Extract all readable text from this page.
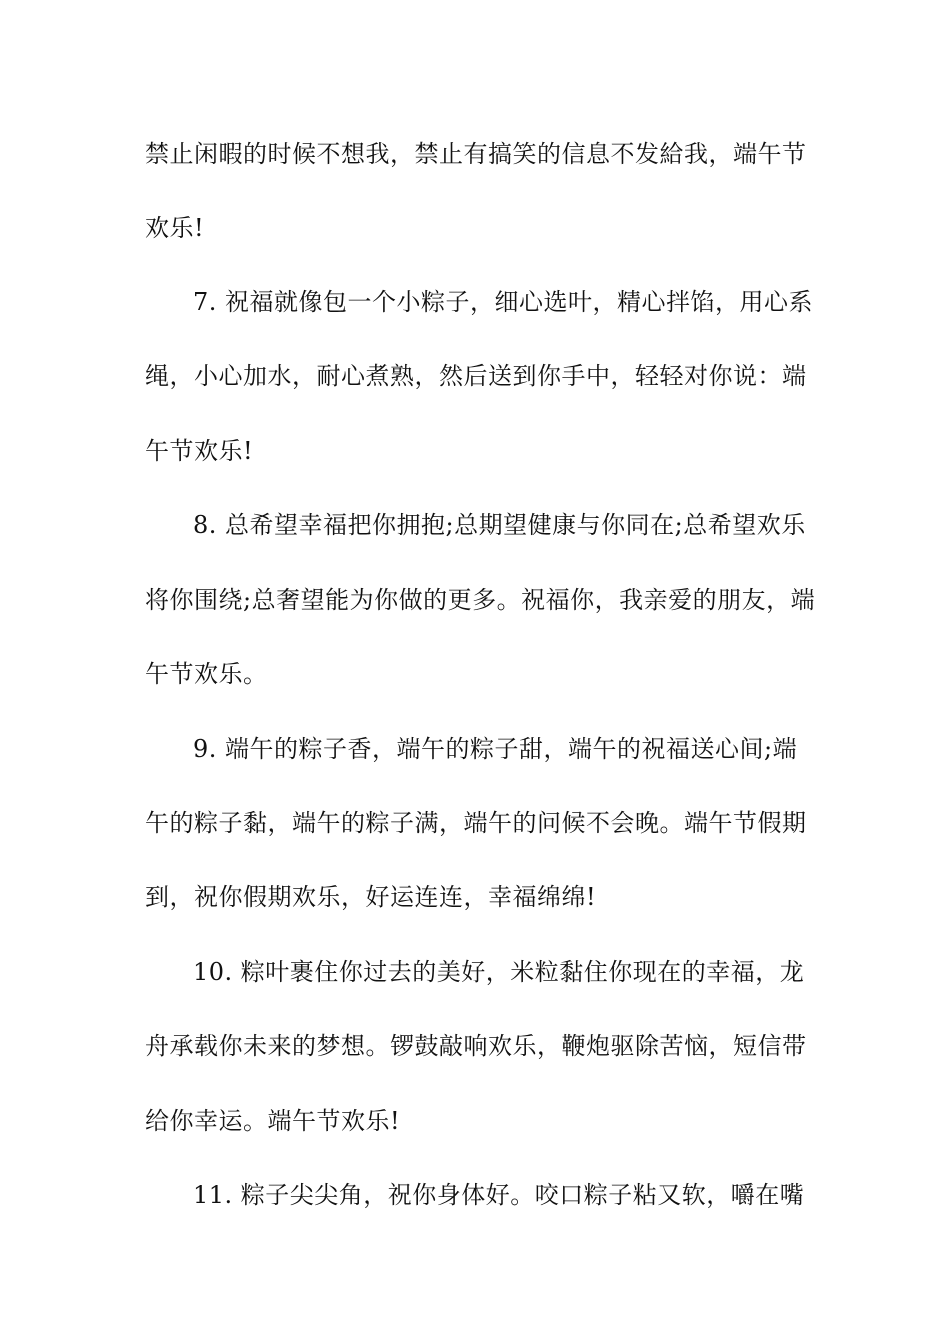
禁止闲暇的时候不想我，禁止有搞笑的信息不发給我，端午节
欢乐!
7. 祝福就像包一个小粽子，细心选叶，精心拌馅，用心系
绳，小心加水，耐心煮熟，然后送到你手中，轻轻对你说：端
午节欢乐!
8. 总希望幸福把你拥抱;总期望健康与你同在;总希望欢乐
将你围绕;总奢望能为你做的更多。祝福你，我亲爱的朋友，端
午节欢乐。
9. 端午的粽子香，端午的粽子甜，端午的祝福送心间;端
午的粽子黏，端午的粽子满，端午的问候不会晚。端午节假期
到，祝你假期欢乐，好运连连，幸福绵绵!
10. 粽叶裹住你过去的美好，米粒黏住你现在的幸福，龙
舟承载你未来的梦想。锣鼓敲响欢乐，鞭炮驱除苦恼，短信带
给你幸运。端午节欢乐!
11. 粽子尖尖角，祝你身体好。咬口粽子粘又软，嚼在嘴
